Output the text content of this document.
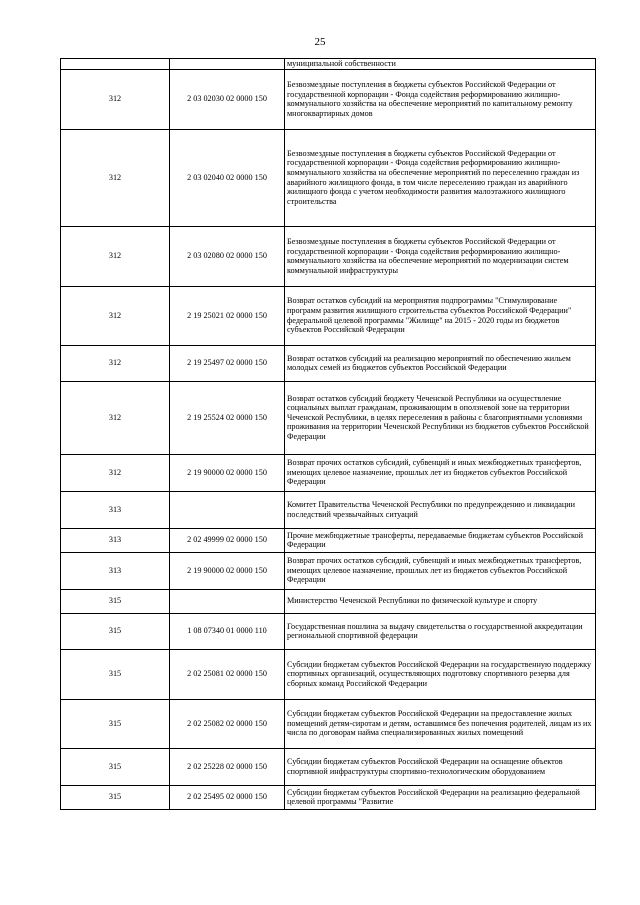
25
		муниципальной собственности
312	2 03 02030 02 0000 150	Безвозмездные поступления в бюджеты субъектов Российской Федерации от государственной корпорации - Фонда содействия реформированию жилищно-коммунального хозяйства на обеспечение мероприятий по капитальному ремонту многоквартирных домов
312	2 03 02040 02 0000 150	Безвозмездные поступления в бюджеты субъектов Российской Федерации от государственной корпорации - Фонда содействия реформированию жилищно-коммунального хозяйства на обеспечение мероприятий по переселению граждан из аварийного жилищного фонда, в том числе переселению граждан из аварийного жилищного фонда с учетом необходимости развития малоэтажного жилищного строительства
312	2 03 02080 02 0000 150	Безвозмездные поступления в бюджеты субъектов Российской Федерации от государственной корпорации - Фонда содействия реформированию жилищно-коммунального хозяйства на обеспечение мероприятий по модернизации систем коммунальной инфраструктуры
312	2 19 25021 02 0000 150	Возврат остатков субсидий на мероприятия подпрограммы "Стимулирование программ развития жилищного строительства субъектов Российской Федерации" федеральной целевой программы "Жилище" на 2015 - 2020 годы из бюджетов субъектов Российской Федерации
312	2 19 25497 02 0000 150	Возврат остатков субсидий на реализацию мероприятий по обеспечению жильем молодых семей из бюджетов субъектов Российской Федерации
312	2 19 25524 02 0000 150	Возврат остатков субсидий бюджету Чеченской Республики на осуществление социальных выплат гражданам, проживающим в оползневой зоне на территории Чеченской Республики, в целях переселения в районы с благоприятными условиями проживания на территории Чеченской Республики из бюджетов субъектов Российской Федерации
312	2 19 90000 02 0000 150	Возврат прочих остатков субсидий, субвенций и иных межбюджетных трансфертов, имеющих целевое назначение, прошлых лет из бюджетов субъектов Российской Федерации
313		Комитет Правительства Чеченской Республики по предупреждению и ликвидации последствий чрезвычайных ситуаций
313	2 02 49999 02 0000 150	Прочие межбюджетные трансферты, передаваемые бюджетам субъектов Российской Федерации
313	2 19 90000 02 0000 150	Возврат прочих остатков субсидий, субвенций и иных межбюджетных трансфертов, имеющих целевое назначение, прошлых лет из бюджетов субъектов Российской Федерации
315		Министерство Чеченской Республики по физической культуре и спорту
315	1 08 07340 01 0000 110	Государственная пошлина за выдачу свидетельства о государственной аккредитации региональной спортивной федерации
315	2 02 25081 02 0000 150	Субсидии бюджетам субъектов Российской Федерации на государственную поддержку спортивных организаций, осуществляющих подготовку спортивного резерва для сборных команд Российской Федерации
315	2 02 25082 02 0000 150	Субсидии бюджетам субъектов Российской Федерации на предоставление жилых помещений детям-сиротам и детям, оставшимся без попечения родителей, лицам из их числа по договорам найма специализированных жилых помещений
315	2 02 25228 02 0000 150	Субсидии бюджетам субъектов Российской Федерации на оснащение объектов спортивной инфраструктуры спортивно-технологическим оборудованием
315	2 02 25495 02 0000 150	Субсидии бюджетам субъектов Российской Федерации на реализацию федеральной целевой программы "Развитие
